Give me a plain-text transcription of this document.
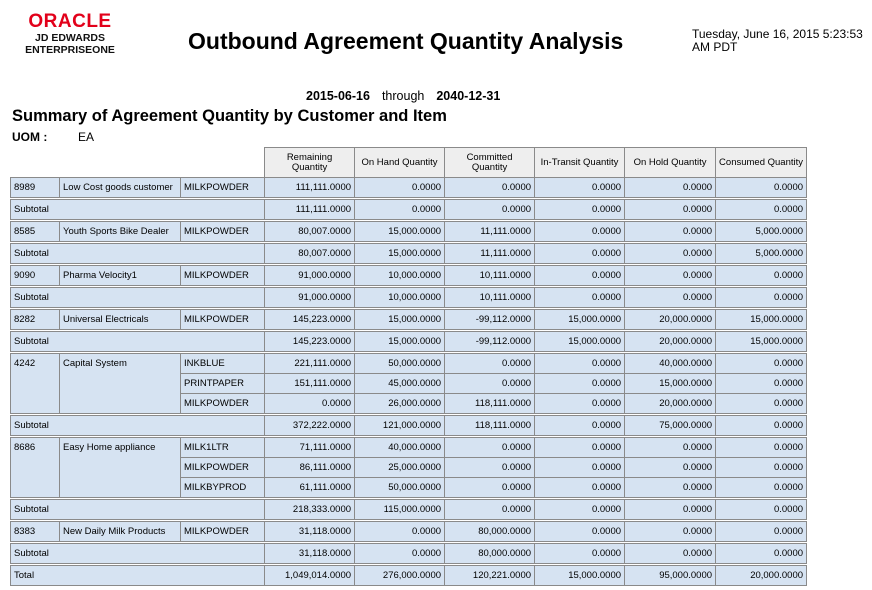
ORACLE
JD EDWARDS
ENTERPRISEONE	Outbound Agreement Quantity Analysis	Tuesday, June 16, 2015 5:23:53 AM PDT
2015-06-16 through 2040-12-31
Summary of Agreement Quantity by Customer and Item
UOM :	EA
			Remaining Quantity	On Hand Quantity	Committed Quantity	In-Transit Quantity	On Hold Quantity	Consumed Quantity
8989	Low Cost goods customer	MILKPOWDER	111,111.0000	0.0000	0.0000	0.0000	0.0000	0.0000

Subtotal			111,111.0000	0.0000	0.0000	0.0000	0.0000	0.0000

8585	Youth Sports Bike Dealer	MILKPOWDER	80,007.0000	15,000.0000	11,111.0000	0.0000	0.0000	5,000.0000

Subtotal			80,007.0000	15,000.0000	11,111.0000	0.0000	0.0000	5,000.0000

9090	Pharma Velocity1	MILKPOWDER	91,000.0000	10,000.0000	10,111.0000	0.0000	0.0000	0.0000

Subtotal			91,000.0000	10,000.0000	10,111.0000	0.0000	0.0000	0.0000

8282	Universal Electricals	MILKPOWDER	145,223.0000	15,000.0000	-99,112.0000	15,000.0000	20,000.0000	15,000.0000

Subtotal			145,223.0000	15,000.0000	-99,112.0000	15,000.0000	20,000.0000	15,000.0000

4242	Capital System	INKBLUE	221,111.0000	50,000.0000	0.0000	0.0000	40,000.0000	0.0000
		PRINTPAPER	151,111.0000	45,000.0000	0.0000	0.0000	15,000.0000	0.0000
		MILKPOWDER	0.0000	26,000.0000	118,111.0000	0.0000	20,000.0000	0.0000

Subtotal			372,222.0000	121,000.0000	118,111.0000	0.0000	75,000.0000	0.0000

8686	Easy Home appliance	MILK1LTR	71,111.0000	40,000.0000	0.0000	0.0000	0.0000	0.0000
		MILKPOWDER	86,111.0000	25,000.0000	0.0000	0.0000	0.0000	0.0000
		MILKBYPROD	61,111.0000	50,000.0000	0.0000	0.0000	0.0000	0.0000

Subtotal			218,333.0000	115,000.0000	0.0000	0.0000	0.0000	0.0000

8383	New Daily Milk Products	MILKPOWDER	31,118.0000	0.0000	80,000.0000	0.0000	0.0000	0.0000

Subtotal			31,118.0000	0.0000	80,000.0000	0.0000	0.0000	0.0000

Total			1,049,014.0000	276,000.0000	120,221.0000	15,000.0000	95,000.0000	20,000.0000
